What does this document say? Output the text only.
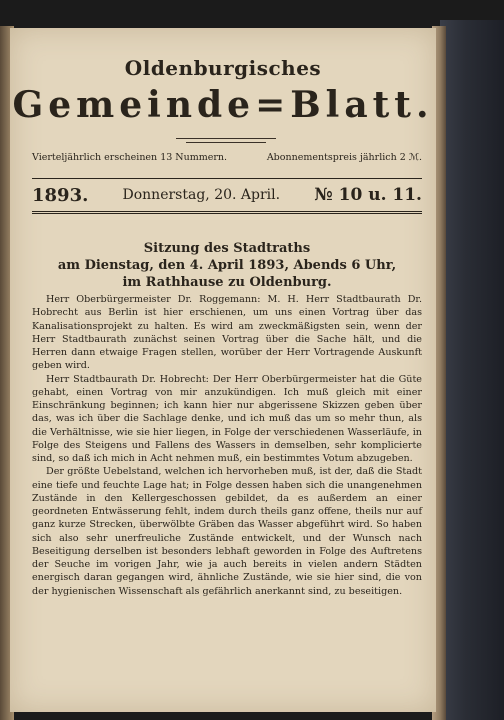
Oldenburgisches
Gemeinde=Blatt.
Vierteljährlich erscheinen 13 Nummern.	Abonnementspreis jährlich 2 ℳ.
1893. Donnerstag, 20. April. № 10 u. 11.
Sitzung des Stadtraths
am Dienstag, den 4. April 1893, Abends 6 Uhr,
im Rathhause zu Oldenburg.

Herr Oberbürgermeister Dr. Roggemann: M. H. Herr Stadtbaurath Dr. Hobrecht aus Berlin ist hier erschienen, um uns einen Vortrag über das Kanalisationsprojekt zu halten. Es wird am zweckmäßigsten sein, wenn der Herr Stadtbaurath zunächst seinen Vortrag über die Sache hält, und die Herren dann etwaige Fragen stellen, worüber der Herr Vortragende Auskunft geben wird.

Herr Stadtbaurath Dr. Hobrecht: Der Herr Oberbürgermeister hat die Güte gehabt, einen Vortrag von mir anzukündigen. Ich muß gleich mit einer Einschränkung beginnen; ich kann hier nur abgerissene Skizzen geben über das, was ich über die Sachlage denke, und ich muß das um so mehr thun, als die Verhältnisse, wie sie hier liegen, in Folge der verschiedenen Wasserläufe, in Folge des Steigens und Fallens des Wassers in demselben, sehr komplicierte sind, so daß ich mich in Acht nehmen muß, ein bestimmtes Votum abzugeben.

Der größte Uebelstand, welchen ich hervorheben muß, ist der, daß die Stadt eine tiefe und feuchte Lage hat; in Folge dessen haben sich die unangenehmen Zustände in den Kellergeschossen gebildet, da es außerdem an einer geordneten Entwässerung fehlt, indem durch theils ganz offene, theils nur auf ganz kurze Strecken, überwölbte Gräben das Wasser abgeführt wird. So haben sich also sehr unerfreuliche Zustände entwickelt, und der Wunsch nach Beseitigung derselben ist besonders lebhaft geworden in Folge des Auftretens der Seuche im vorigen Jahr, wie ja auch bereits in vielen andern Städten energisch daran gegangen wird, ähnliche Zustände, wie sie hier sind, die von der hygienischen Wissenschaft als gefährlich anerkannt sind, zu beseitigen.
